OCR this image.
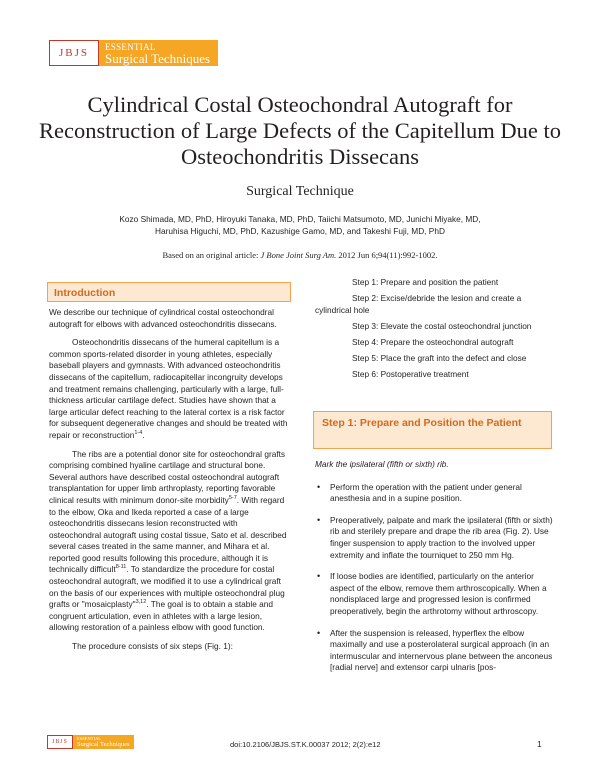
JBJS	ESSENTIAL
Surgical Techniques
Cylindrical Costal Osteochondral Autograft for Reconstruction of Large Defects of the Capitellum Due to Osteochondritis Dissecans
Surgical Technique
Kozo Shimada, MD, PhD, Hiroyuki Tanaka, MD, PhD, Taiichi Matsumoto, MD, Junichi Miyake, MD,
Haruhisa Higuchi, MD, PhD, Kazushige Gamo, MD, and Takeshi Fuji, MD, PhD
Based on an original article: J Bone Joint Surg Am. 2012 Jun 6;94(11):992-1002.
Introduction

We describe our technique of cylindrical costal osteochondral autograft for elbows with advanced osteochondritis dissecans.

Osteochondritis dissecans of the humeral capitellum is a common sports-related disorder in young athletes, especially baseball players and gymnasts. With advanced osteochondritis dissecans of the capitellum, radiocapitellar incongruity develops and treatment remains challenging, particularly with a large, full-thickness articular cartilage defect. Studies have shown that a large articular defect reaching to the lateral cortex is a risk factor for subsequent degenerative changes and should be treated with repair or reconstruction$^{1-4}$.

The ribs are a potential donor site for osteochondral grafts comprising combined hyaline cartilage and structural bone. Several authors have described costal osteochondral autograft transplantation for upper limb arthroplasty, reporting favorable clinical results with minimum donor-site morbidity$^{5-7}$. With regard to the elbow, Oka and Ikeda reported a case of a large osteochondritis dissecans lesion reconstructed with osteochondral autograft using costal tissue, Sato et al. described several cases treated in the same manner, and Mihara et al. reported good results following this procedure, although it is technically difficult$^{8-11}$. To standardize the procedure for costal osteochondral autograft, we modified it to use a cylindrical graft on the basis of our experiences with multiple osteochondral plug grafts or "mosaicplasty"$^{3,12}$. The goal is to obtain a stable and congruent articulation, even in athletes with a large lesion, allowing restoration of a painless elbow with good function.

The procedure consists of six steps (Fig. 1):

Step 1: Prepare and position the patient
Step 2: Excise/debride the lesion and create a cylindrical hole
Step 3: Elevate the costal osteochondral junction
Step 4: Prepare the osteochondral autograft
Step 5: Place the graft into the defect and close
Step 6: Postoperative treatment
Step 1: Prepare and Position the Patient

Mark the ipsilateral (fifth or sixth) rib.

• Perform the operation with the patient under general anesthesia and in a supine position.
• Preoperatively, palpate and mark the ipsilateral (fifth or sixth) rib and sterilely prepare and drape the rib area (Fig. 2). Use finger suspension to apply traction to the involved upper extremity and inflate the tourniquet to 250 mm Hg.
• If loose bodies are identified, particularly on the anterior aspect of the elbow, remove them arthroscopically. When a nondisplaced large and progressed lesion is confirmed preoperatively, begin the arthrotomy without arthroscopy.
• After the suspension is released, hyperflex the elbow maximally and use a posterolateral surgical approach (in an intermuscular and internervous plane between the anconeus [radial nerve] and extensor carpi ulnaris [pos-
JBJS
ESSENTIAL
Surgical Techniques	doi:10.2106/JBJS.ST.K.00037 2012; 2(2):e12	1
